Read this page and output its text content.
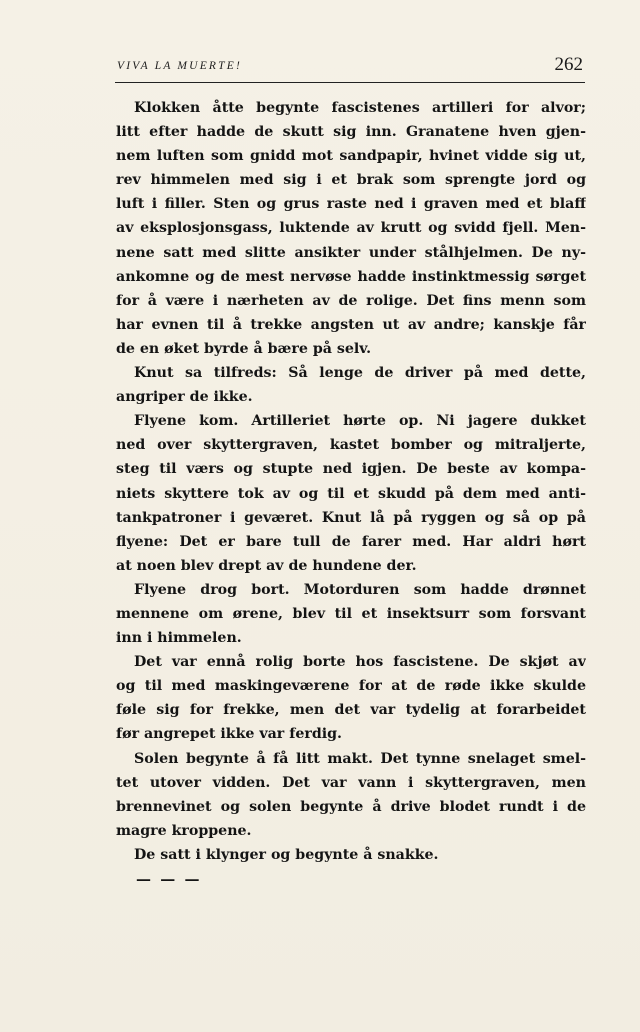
VIVA LA MUERTE!	262
Klokken åtte begynte fascistenes artilleri for alvor;
litt efter hadde de skutt sig inn. Granatene hven gjen-
nem luften som gnidd mot sandpapir, hvinet vidde sig ut,
rev himmelen med sig i et brak som sprengte jord og
luft i filler. Sten og grus raste ned i graven med et blaff
av eksplosjonsgass, luktende av krutt og svidd fjell. Men-
nene satt med slitte ansikter under stålhjelmen. De ny-
ankomne og de mest nervøse hadde instinktmessig sørget
for å være i nærheten av de rolige. Det fins menn som
har evnen til å trekke angsten ut av andre; kanskje får
de en øket byrde å bære på selv.
Knut sa tilfreds: Så lenge de driver på med dette,
angriper de ikke.
Flyene kom. Artilleriet hørte op. Ni jagere dukket
ned over skyttergraven, kastet bomber og mitraljerte,
steg til værs og stupte ned igjen. De beste av kompa-
niets skyttere tok av og til et skudd på dem med anti-
tankpatroner i geværet. Knut lå på ryggen og så op på
flyene: Det er bare tull de farer med. Har aldri hørt
at noen blev drept av de hundene der.
Flyene drog bort. Motorduren som hadde drønnet
mennene om ørene, blev til et insektsurr som forsvant
inn i himmelen.
Det var ennå rolig borte hos fascistene. De skjøt av
og til med maskingeværene for at de røde ikke skulde
føle sig for frekke, men det var tydelig at forarbeidet
før angrepet ikke var ferdig.
Solen begynte å få litt makt. Det tynne snelaget smel-
tet utover vidden. Det var vann i skyttergraven, men
brennevinet og solen begynte å drive blodet rundt i de
magre kroppene.
De satt i klynger og begynte å snakke.
— — —
